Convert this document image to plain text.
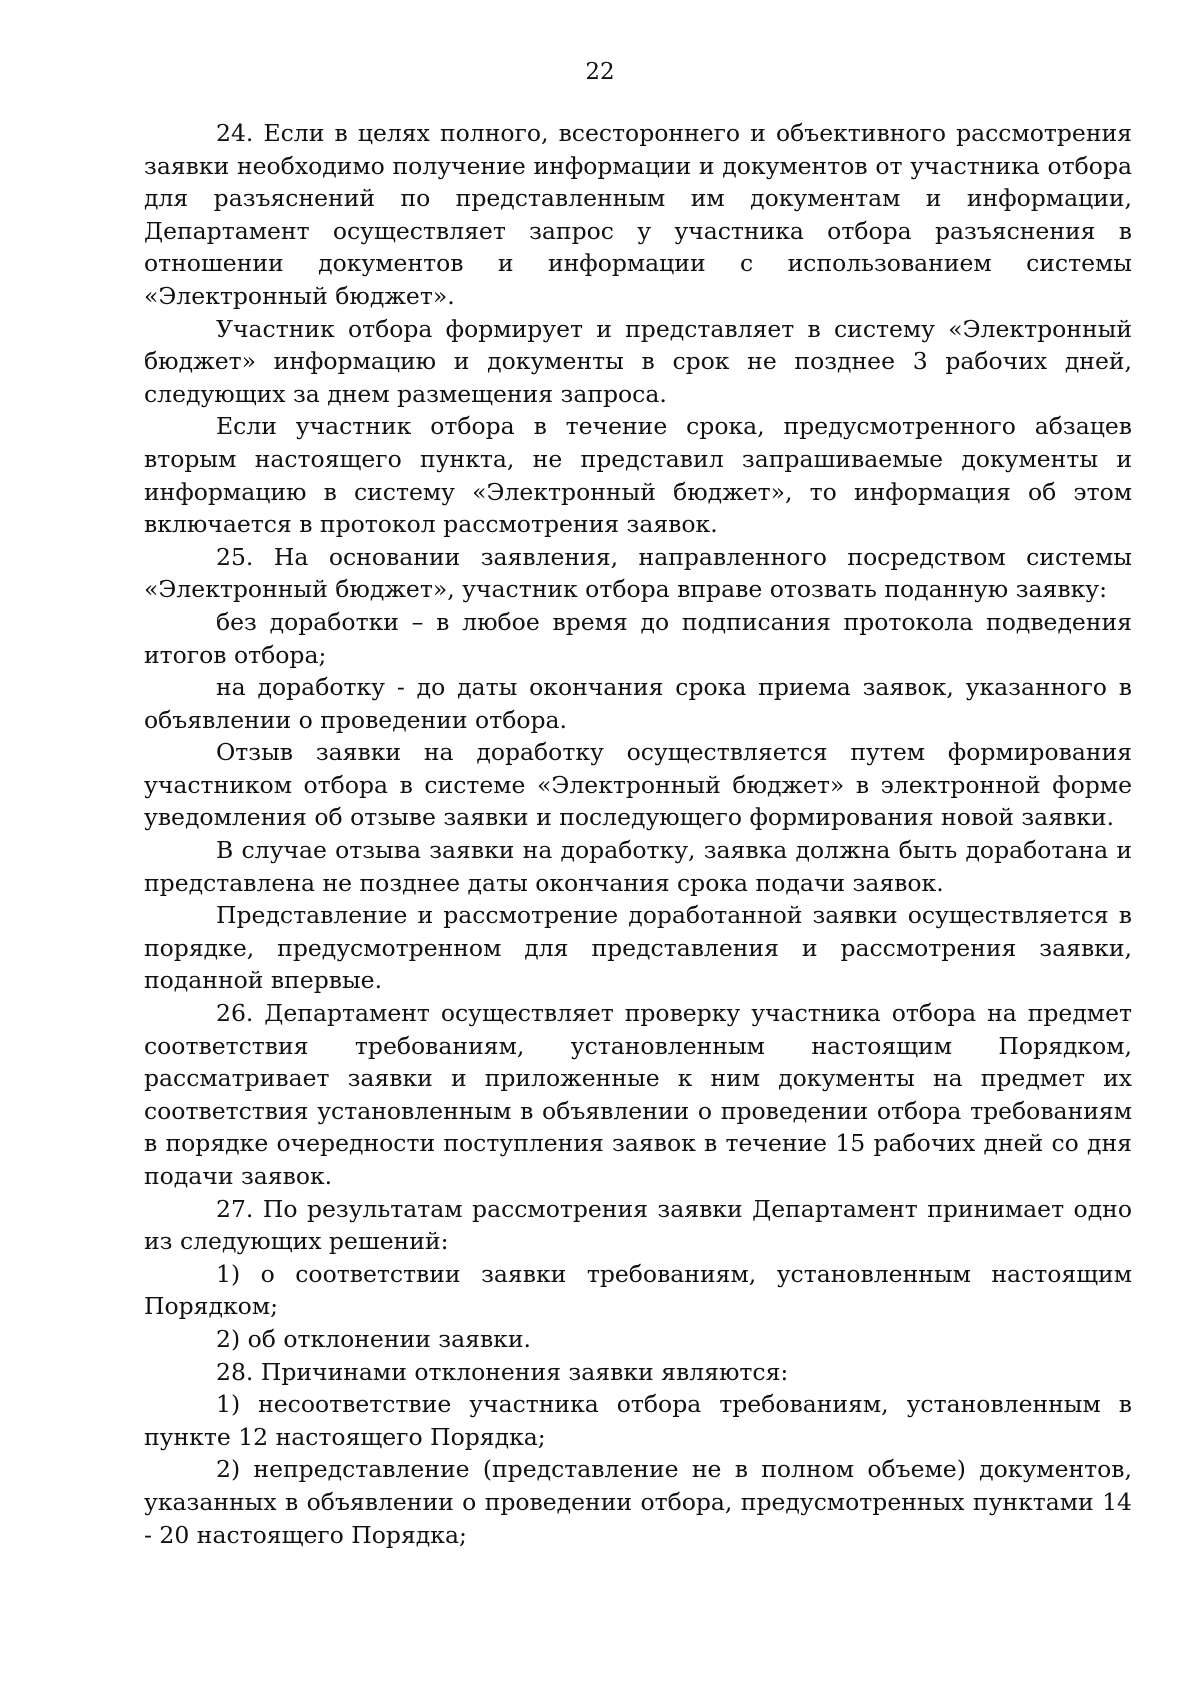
22

24. Если в целях полного, всестороннего и объективного рассмотрения заявки необходимо получение информации и документов от участника отбора для разъяснений по представленным им документам и информации, Департамент осуществляет запрос у участника отбора разъяснения в отношении документов и информации с использованием системы «Электронный бюджет».

Участник отбора формирует и представляет в систему «Электронный бюджет» информацию и документы в срок не позднее 3 рабочих дней, следующих за днем размещения запроса.

Если участник отбора в течение срока, предусмотренного абзацев вторым настоящего пункта, не представил запрашиваемые документы и информацию в систему «Электронный бюджет», то информация об этом включается в протокол рассмотрения заявок.

25. На основании заявления, направленного посредством системы «Электронный бюджет», участник отбора вправе отозвать поданную заявку:

без доработки – в любое время до подписания протокола подведения итогов отбора;

на доработку - до даты окончания срока приема заявок, указанного в объявлении о проведении отбора.

Отзыв заявки на доработку осуществляется путем формирования участником отбора в системе «Электронный бюджет» в электронной форме уведомления об отзыве заявки и последующего формирования новой заявки.

В случае отзыва заявки на доработку, заявка должна быть доработана и представлена не позднее даты окончания срока подачи заявок.

Представление и рассмотрение доработанной заявки осуществляется в порядке, предусмотренном для представления и рассмотрения заявки, поданной впервые.

26. Департамент осуществляет проверку участника отбора на предмет соответствия требованиям, установленным настоящим Порядком, рассматривает заявки и приложенные к ним документы на предмет их соответствия установленным в объявлении о проведении отбора требованиям в порядке очередности поступления заявок в течение 15 рабочих дней со дня подачи заявок.

27. По результатам рассмотрения заявки Департамент принимает одно из следующих решений:

1) о соответствии заявки требованиям, установленным настоящим Порядком;

2) об отклонении заявки.

28. Причинами отклонения заявки являются:

1) несоответствие участника отбора требованиям, установленным в пункте 12 настоящего Порядка;

2) непредставление (представление не в полном объеме) документов, указанных в объявлении о проведении отбора, предусмотренных пунктами 14 - 20 настоящего Порядка;
